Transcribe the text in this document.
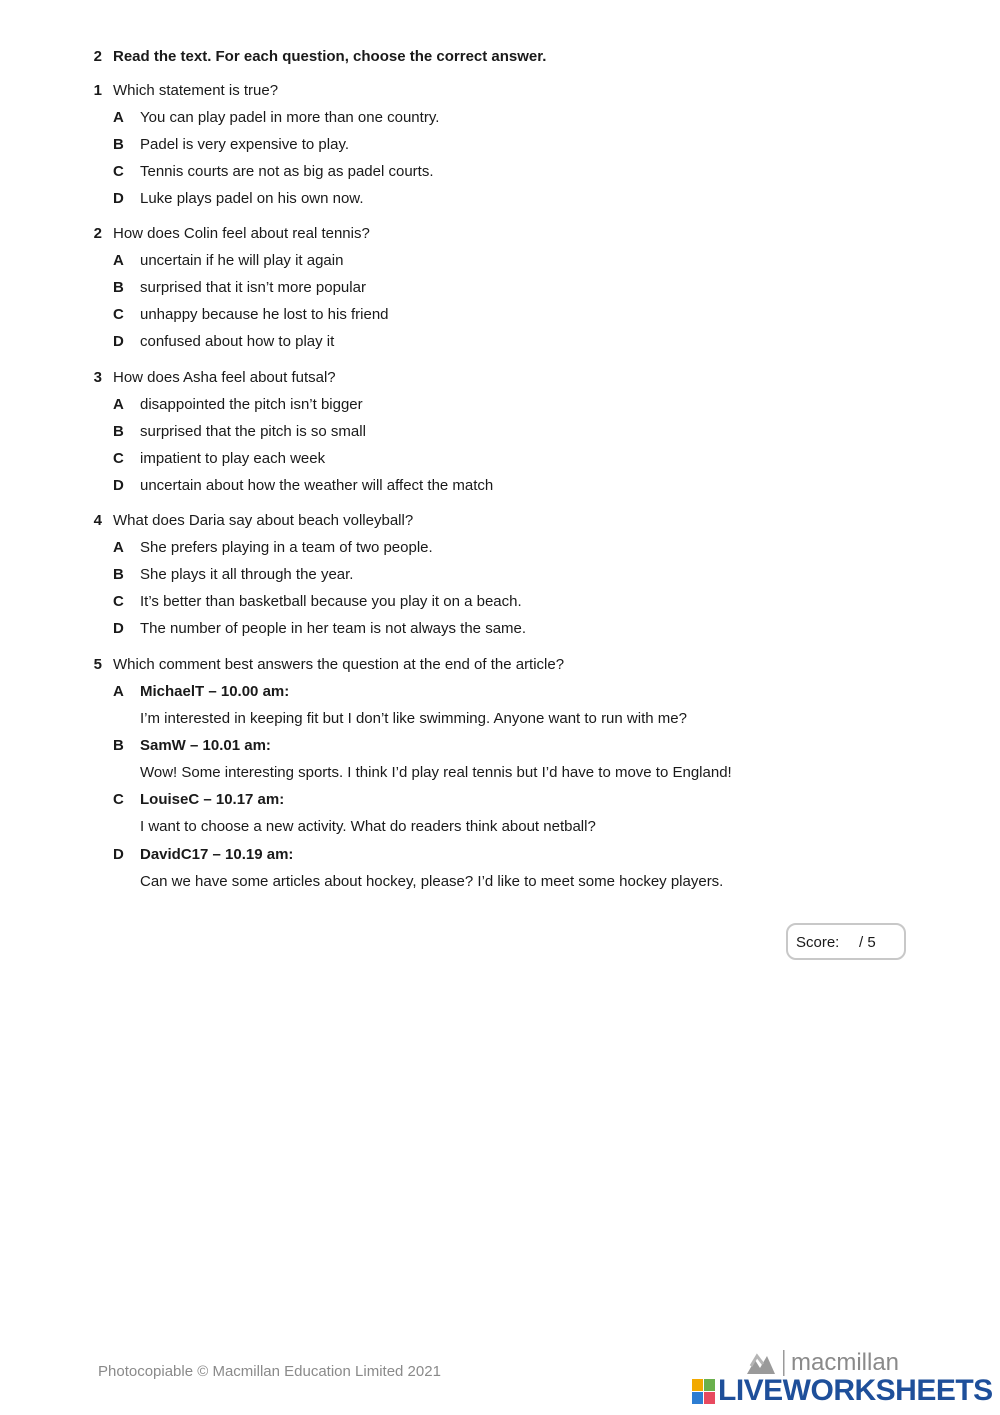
2 Read the text. For each question, choose the correct answer.
1 Which statement is true?
A You can play padel in more than one country.
B Padel is very expensive to play.
C Tennis courts are not as big as padel courts.
D Luke plays padel on his own now.
2 How does Colin feel about real tennis?
A uncertain if he will play it again
B surprised that it isn’t more popular
C unhappy because he lost to his friend
D confused about how to play it
3 How does Asha feel about futsal?
A disappointed the pitch isn’t bigger
B surprised that the pitch is so small
C impatient to play each week
D uncertain about how the weather will affect the match
4 What does Daria say about beach volleyball?
A She prefers playing in a team of two people.
B She plays it all through the year.
C It’s better than basketball because you play it on a beach.
D The number of people in her team is not always the same.
5 Which comment best answers the question at the end of the article?
A MichaelT – 10.00 am:
I’m interested in keeping fit but I don’t like swimming. Anyone want to run with me?
B SamW – 10.01 am:
Wow! Some interesting sports. I think I’d play real tennis but I’d have to move to England!
C LouiseC – 10.17 am:
I want to choose a new activity. What do readers think about netball?
D DavidC17 – 10.19 am:
Can we have some articles about hockey, please? I’d like to meet some hockey players.
Score: / 5
Photocopiable © Macmillan Education Limited 2021	macmillan
LIVEWORKSHEETS
